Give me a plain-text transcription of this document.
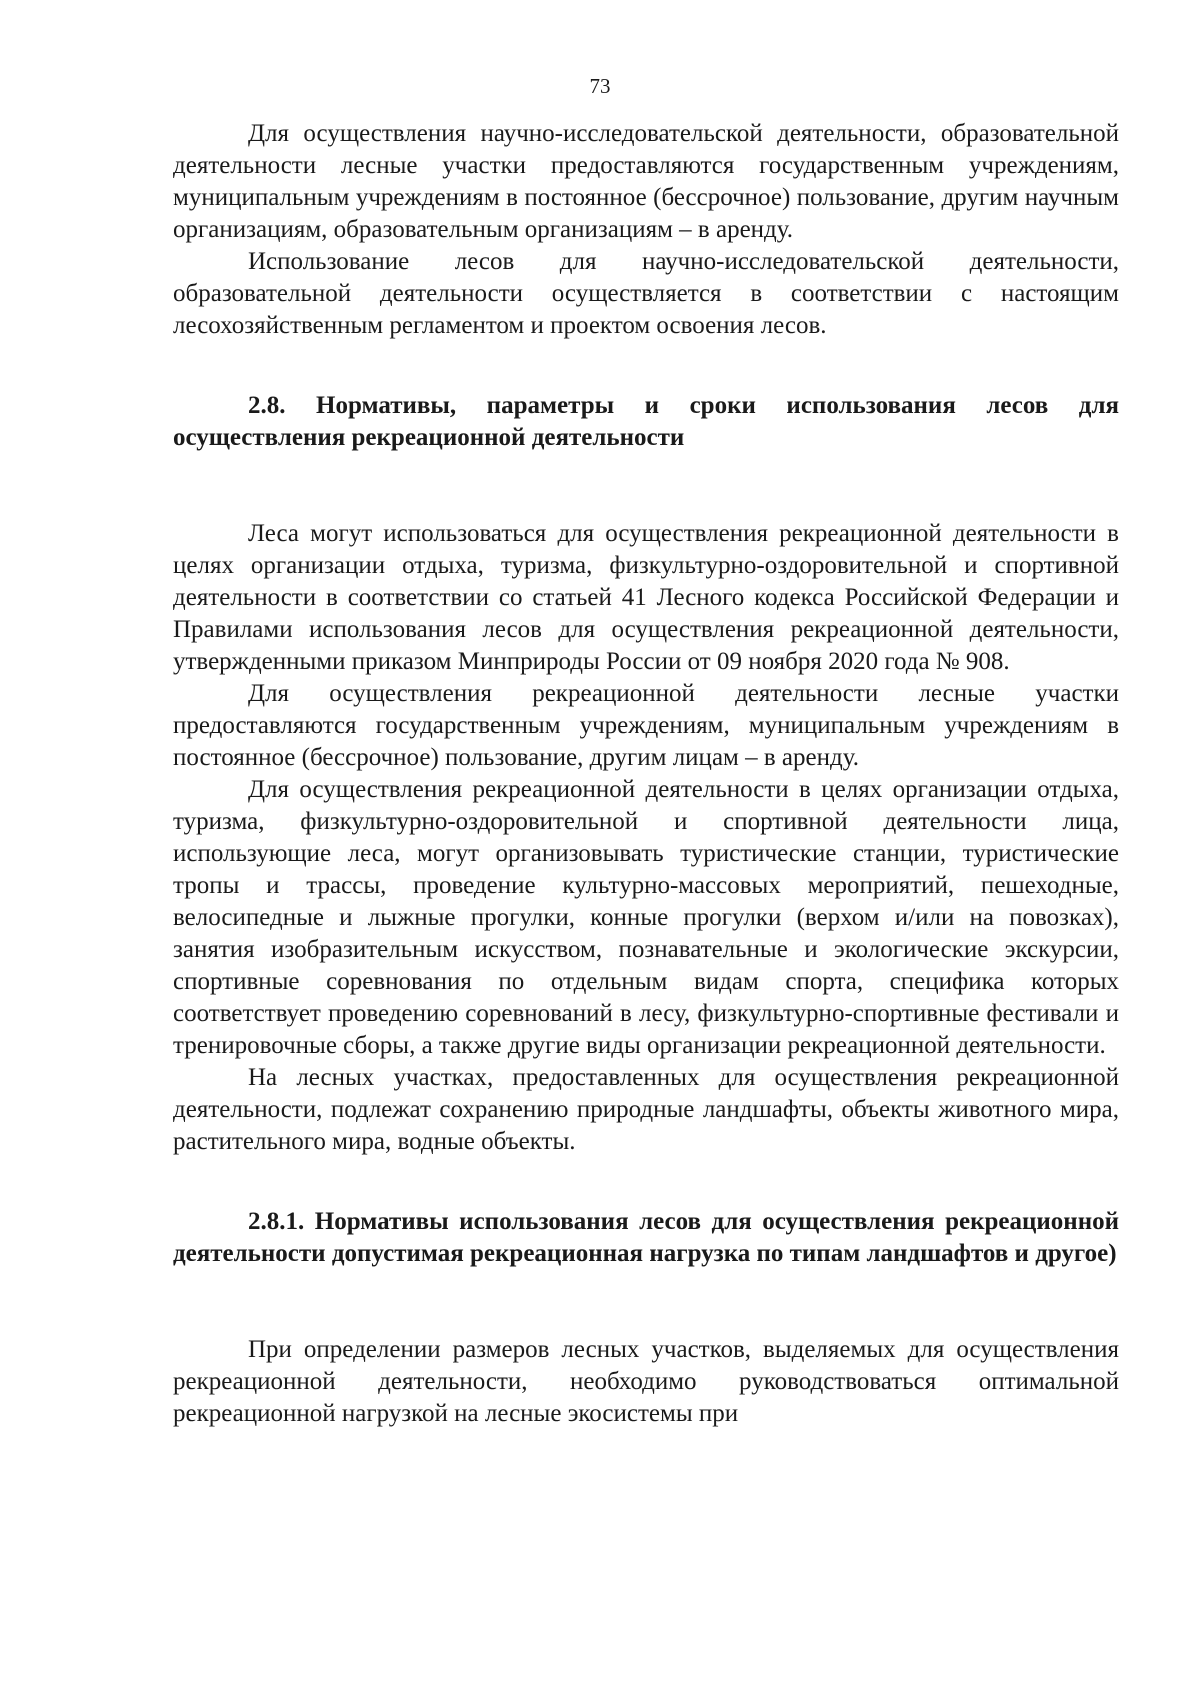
73

Для осуществления научно-исследовательской деятельности, образовательной деятельности лесные участки предоставляются государственным учреждениям, муниципальным учреждениям в постоянное (бессрочное) пользование, другим научным организациям, образовательным организациям – в аренду.

Использование лесов для научно-исследовательской деятельности, образовательной деятельности осуществляется в соответствии с настоящим лесохозяйственным регламентом и проектом освоения лесов.

2.8. Нормативы, параметры и сроки использования лесов для осуществления рекреационной деятельности

Леса могут использоваться для осуществления рекреационной деятельности в целях организации отдыха, туризма, физкультурно-оздоровительной и спортивной деятельности в соответствии со статьей 41 Лесного кодекса Российской Федерации и Правилами использования лесов для осуществления рекреационной деятельности, утвержденными приказом Минприроды России от 09 ноября 2020 года № 908.

Для осуществления рекреационной деятельности лесные участки предоставляются государственным учреждениям, муниципальным учреждениям в постоянное (бессрочное) пользование, другим лицам – в аренду.

Для осуществления рекреационной деятельности в целях организации отдыха, туризма, физкультурно-оздоровительной и спортивной деятельности лица, использующие леса, могут организовывать туристические станции, туристические тропы и трассы, проведение культурно-массовых мероприятий, пешеходные, велосипедные и лыжные прогулки, конные прогулки (верхом и/или на повозках), занятия изобразительным искусством, познавательные и экологические экскурсии, спортивные соревнования по отдельным видам спорта, специфика которых соответствует проведению соревнований в лесу, физкультурно-спортивные фестивали и тренировочные сборы, а также другие виды организации рекреационной деятельности.

На лесных участках, предоставленных для осуществления рекреационной деятельности, подлежат сохранению природные ландшафты, объекты животного мира, растительного мира, водные объекты.

2.8.1. Нормативы использования лесов для осуществления рекреационной деятельности допустимая рекреационная нагрузка по типам ландшафтов и другое)

При определении размеров лесных участков, выделяемых для осуществления рекреационной деятельности, необходимо руководствоваться оптимальной рекреационной нагрузкой на лесные экосистемы при
